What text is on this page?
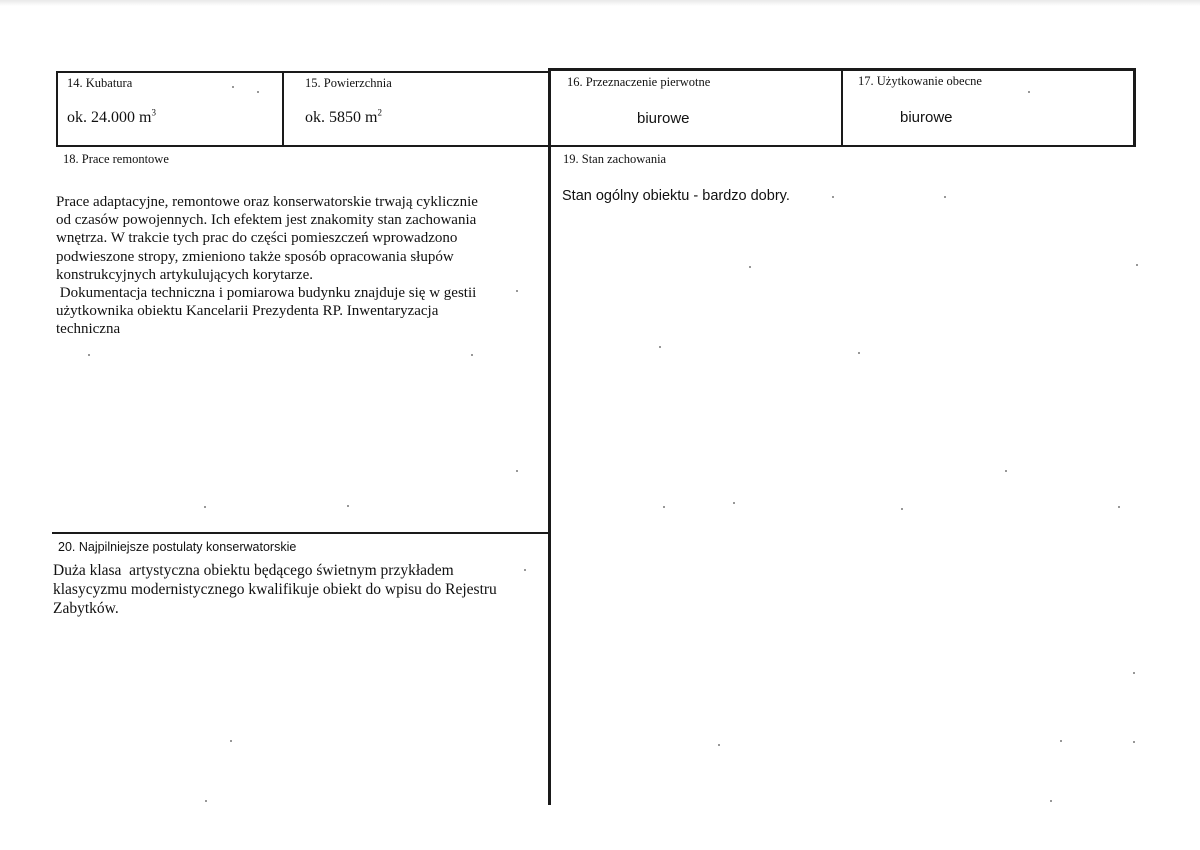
14. Kubatura
ok. 24.000 $m^3$
15. Powierzchnia
ok. 5850 $m^2$
16. Przeznaczenie pierwotne
biurowe
17. Użytkowanie obecne
biurowe
18. Prace remontowe

Prace adaptacyjne, remontowe oraz konserwatorskie trwają cyklicznie

od czasów powojennych. Ich efektem jest znakomity stan zachowania

wnętrza. W trakcie tych prac do części pomieszczeń wprowadzono

podwieszone stropy, zmieniono także sposób opracowania słupów

konstrukcyjnych artykulujących korytarze.

Dokumentacja techniczna i pomiarowa budynku znajduje się w gestii

użytkownika obiektu Kancelarii Prezydenta RP. Inwentaryzacja

techniczna

19. Stan zachowania
Stan ogólny obiektu - bardzo dobry.
20. Najpilniejsze postulaty konserwatorskie

Duża klasa  artystyczna obiektu będącego świetnym przykładem

klasycyzmu modernistycznego kwalifikuje obiekt do wpisu do Rejestru

Zabytków.
